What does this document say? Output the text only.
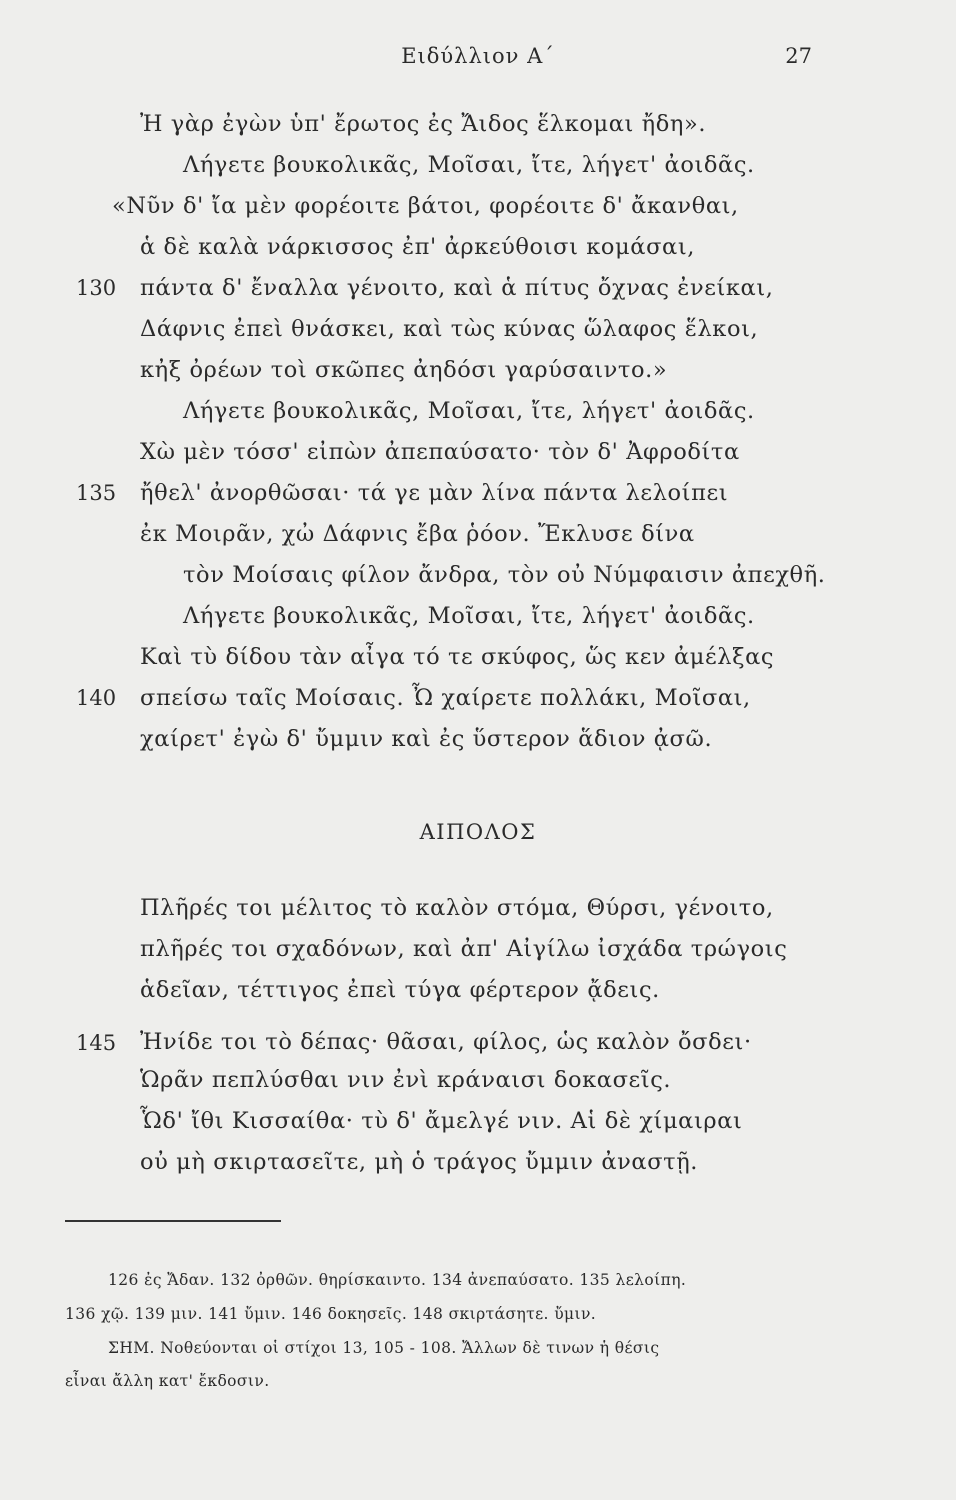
Ειδύλλιον Α΄	27
Ἠ γὰρ ἐγὼν ὑπ' ἔρωτος ἐς Ἄιδος ἕλκομαι ἤδη».
Λήγετε βουκολικᾶς, Μοῖσαι, ἴτε, λήγετ' ἀοιδᾶς.
«Νῦν δ' ἴα μὲν φορέοιτε βάτοι, φορέοιτε δ' ἄκανθαι,
ἁ δὲ καλὰ νάρκισσος ἐπ' ἀρκεύθοισι κομάσαι,
130 πάντα δ' ἔναλλα γένοιτο, καὶ ἁ πίτυς ὄχνας ἐνείκαι,
Δάφνις ἐπεὶ θνάσκει, καὶ τὼς κύνας ὥλαφος ἕλκοι,
κἠξ ὀρέων τοὶ σκῶπες ἀηδόσι γαρύσαιντο.»
Λήγετε βουκολικᾶς, Μοῖσαι, ἴτε, λήγετ' ἀοιδᾶς.
Χὼ μὲν τόσσ' εἰπὼν ἀπεπαύσατο· τὸν δ' Ἀφροδίτα
135 ἤθελ' ἀνορθῶσαι· τά γε μὰν λίνα πάντα λελοίπει
ἐκ Μοιρᾶν, χὠ Δάφνις ἔβα ῥόον. Ἔκλυσε δίνα
τὸν Μοίσαις φίλον ἄνδρα, τὸν οὐ Νύμφαισιν ἀπεχθῆ.
Λήγετε βουκολικᾶς, Μοῖσαι, ἴτε, λήγετ' ἀοιδᾶς.
Καὶ τὺ δίδου τὰν αἶγα τό τε σκύφος, ὥς κεν ἀμέλξας
140 σπείσω ταῖς Μοίσαις. Ὦ χαίρετε πολλάκι, Μοῖσαι,
χαίρετ' ἐγὼ δ' ὔμμιν καὶ ἐς ὕστερον ἅδιον ᾀσῶ.
ΑΙΠΟΛΟΣ
Πλῆρές τοι μέλιτος τὸ καλὸν στόμα, Θύρσι, γένοιτο,
πλῆρές τοι σχαδόνων, καὶ ἀπ' Αἰγίλω ἰσχάδα τρώγοις
ἁδεῖαν, τέττιγος ἐπεὶ τύγα φέρτερον ᾄδεις.
145 Ἠνίδε τοι τὸ δέπας· θᾶσαι, φίλος, ὡς καλὸν ὄσδει·
Ὡρᾶν πεπλύσθαι νιν ἐνὶ κράναισι δοκασεῖς.
Ὧδ' ἴθι Κισσαίθα· τὺ δ' ἄμελγέ νιν. Αἱ δὲ χίμαιραι
οὐ μὴ σκιρτασεῖτε, μὴ ὁ τράγος ὔμμιν ἀναστῇ.
126 ἐς Ἄδαν. 132 ὀρθῶν. θηρίσκαιντο. 134 ἀνεπαύσατο. 135 λελοίπη.
136 χῷ. 139 μιν. 141 ὔμιν. 146 δοκησεῖς. 148 σκιρτάσητε. ὔμιν.
ΣΗΜ. Νοθεύονται οἱ στίχοι 13, 105 - 108. Ἄλλων δὲ τινων ἡ θέσις
εἶναι ἄλλη κατ' ἔκδοσιν.
